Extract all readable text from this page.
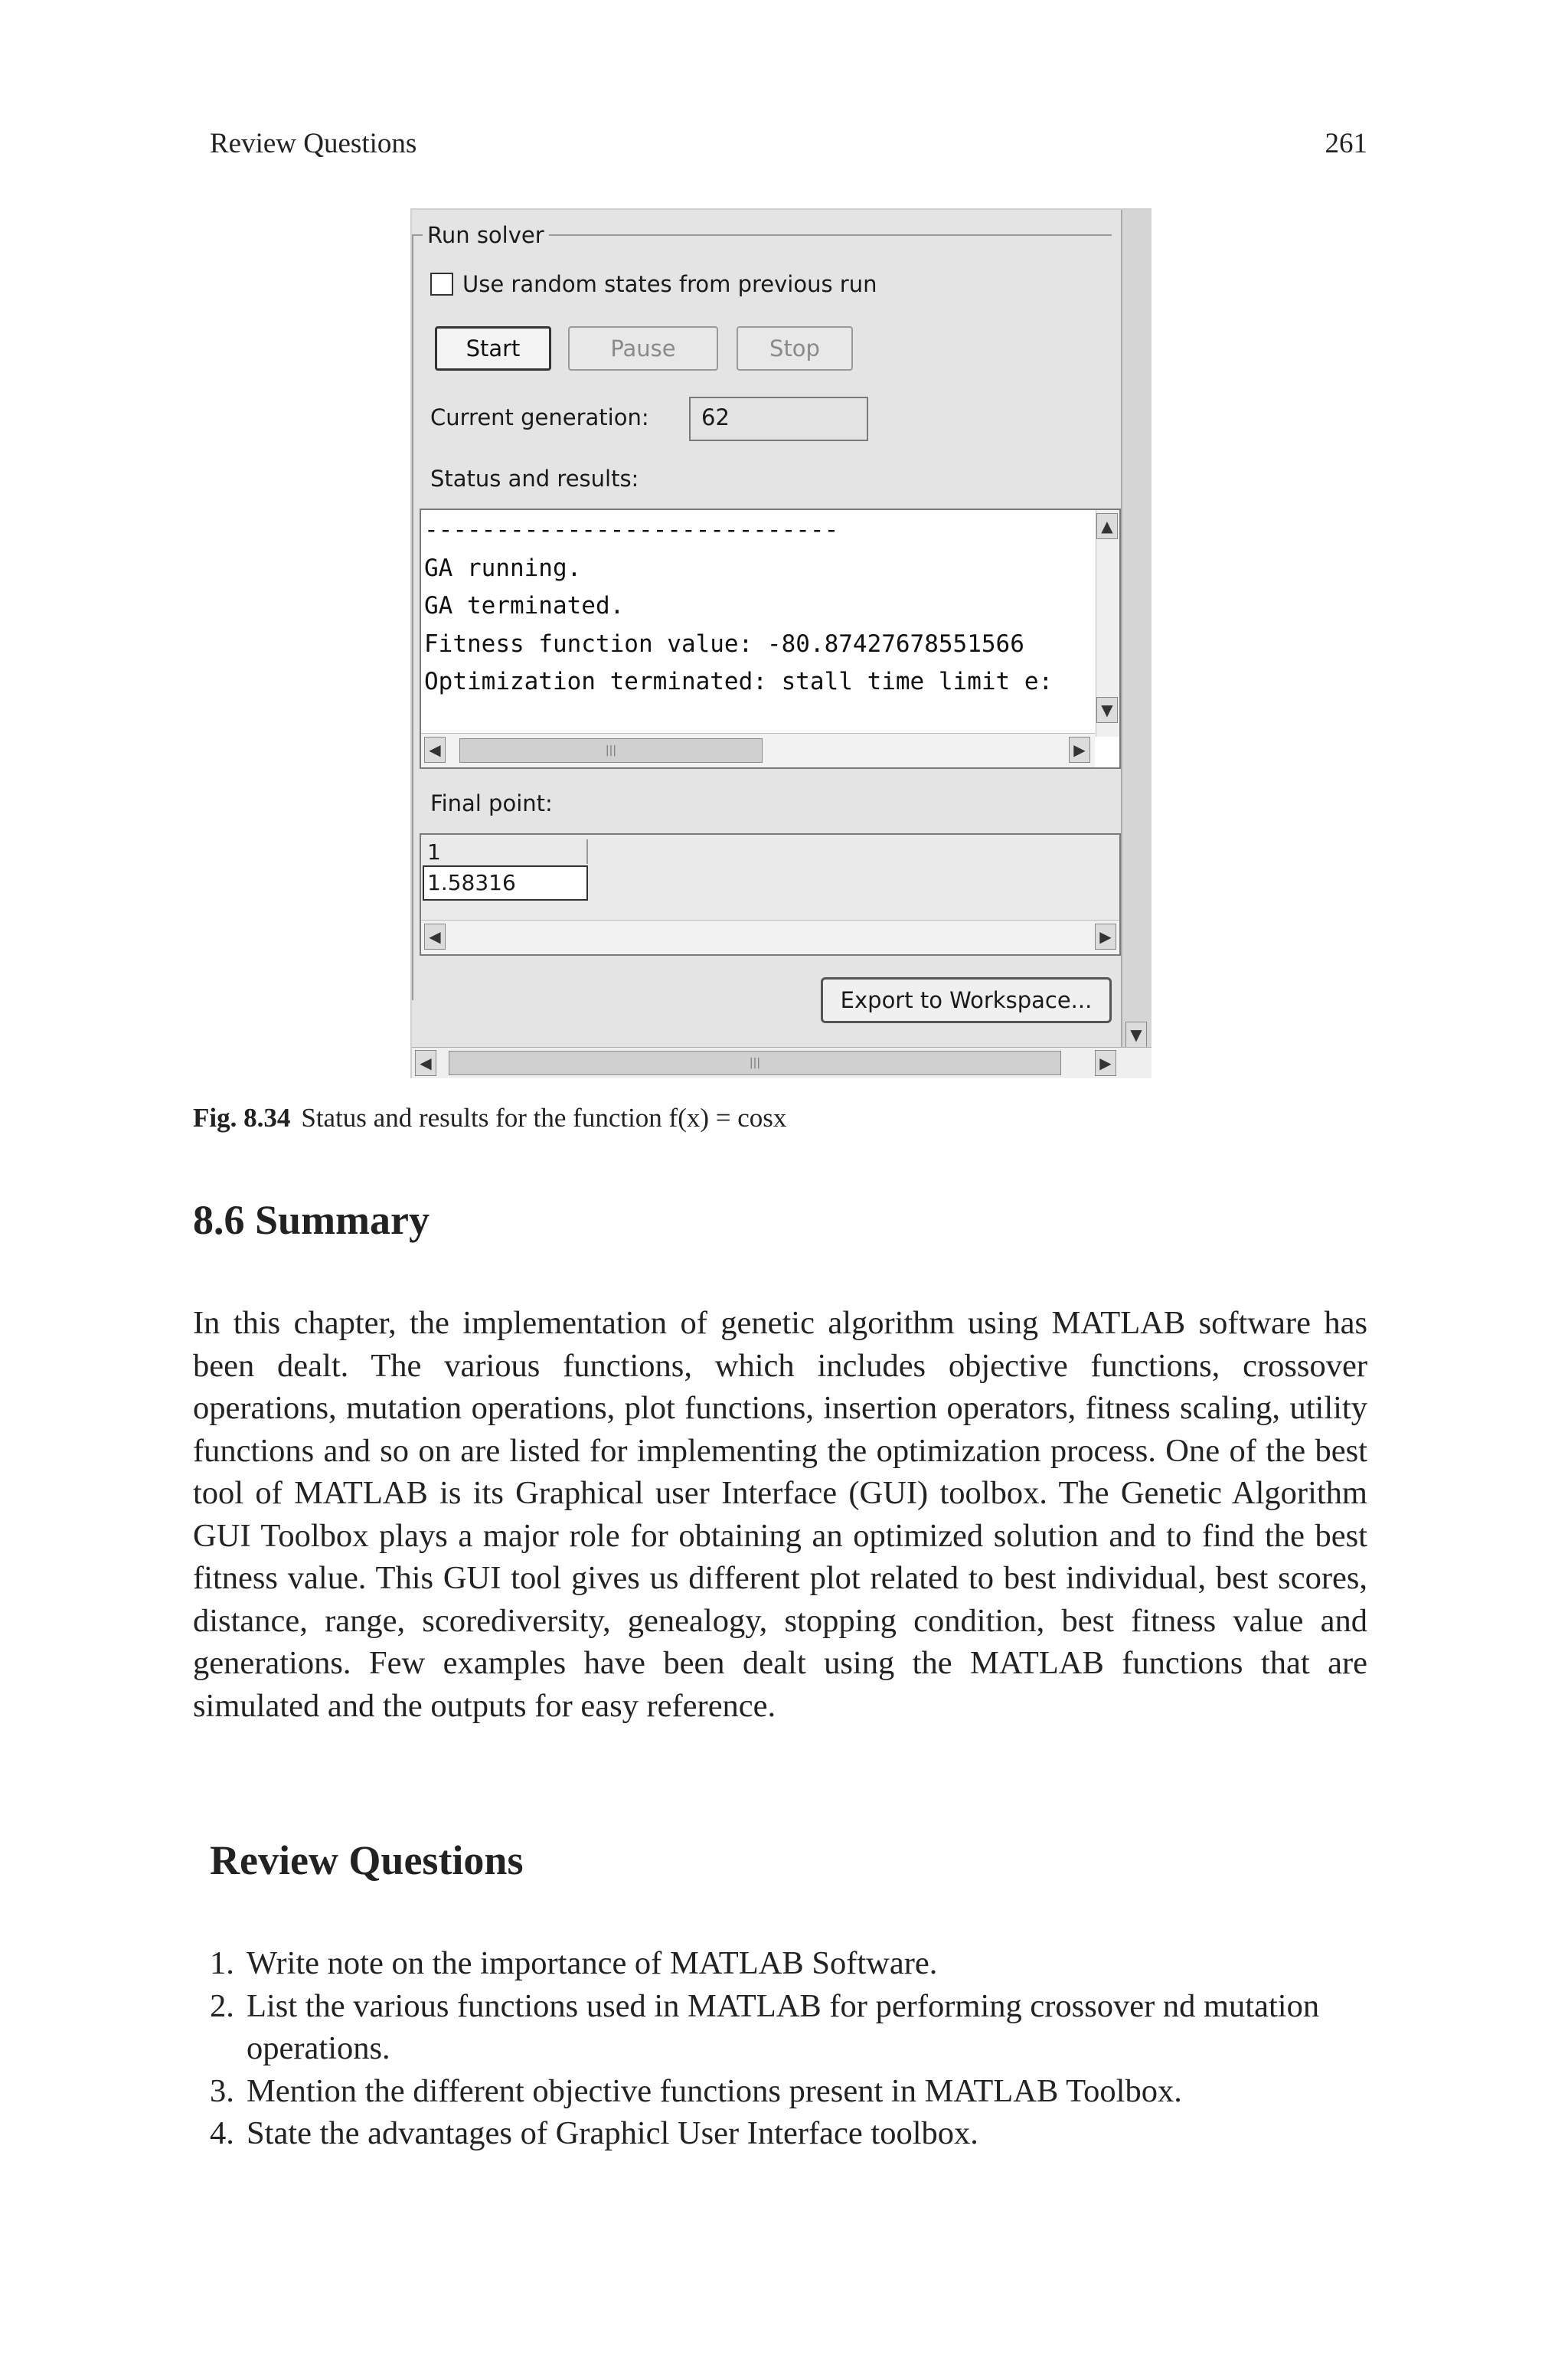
Review Questions	261
Run solver
Use random states from previous run
Start	Pause	Stop
Current generation:	62
Status and results:
-----------------------------
GA running.
GA terminated.
Fitness function value: -80.87427678551566
Optimization terminated: stall time limit e:
▲
▼
◀	|||	▶
Final point:
1
1.58316
◀	▶
Export to Workspace...
▼
◀	|||	▶
Fig. 8.34 Status and results for the function f(x) = cosx
8.6 Summary
In this chapter, the implementation of genetic algorithm using MATLAB software has been dealt. The various functions, which includes objective functions, crossover operations, mutation operations, plot functions, insertion operators, fitness scaling, utility functions and so on are listed for implementing the optimization process. One of the best tool of MATLAB is its Graphical user Interface (GUI) toolbox. The Genetic Algorithm GUI Toolbox plays a major role for obtaining an optimized solution and to find the best fitness value. This GUI tool gives us different plot related to best individual, best scores, distance, range, scorediversity, genealogy, stopping condition, best fitness value and generations. Few examples have been dealt using the MATLAB functions that are simulated and the outputs for easy reference.
Review Questions
1. Write note on the importance of MATLAB Software.
2. List the various functions used in MATLAB for performing crossover nd mutation operations.
3. Mention the different objective functions present in MATLAB Toolbox.
4. State the advantages of Graphicl User Interface toolbox.
